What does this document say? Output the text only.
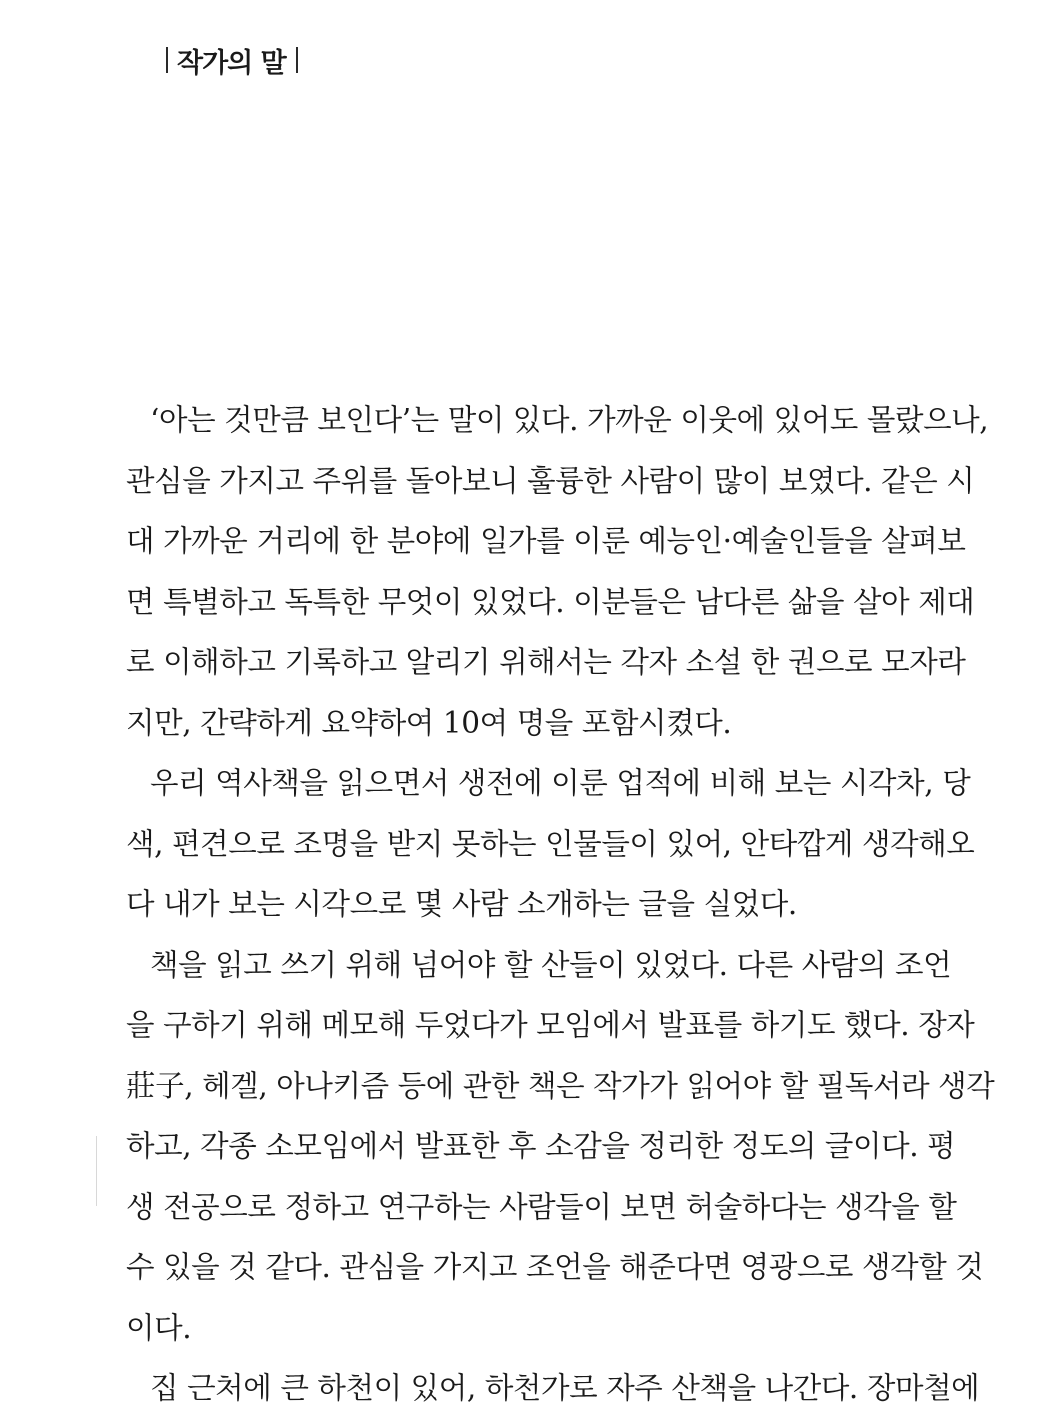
작가의 말
‘아는 것만큼 보인다’는 말이 있다. 가까운 이웃에 있어도 몰랐으나,
관심을 가지고 주위를 돌아보니 훌륭한 사람이 많이 보였다. 같은 시
대 가까운 거리에 한 분야에 일가를 이룬 예능인·예술인들을 살펴보
면 특별하고 독특한 무엇이 있었다. 이분들은 남다른 삶을 살아 제대
로 이해하고 기록하고 알리기 위해서는 각자 소설 한 권으로 모자라
지만, 간략하게 요약하여 10여 명을 포함시켰다.
우리 역사책을 읽으면서 생전에 이룬 업적에 비해 보는 시각차, 당
색, 편견으로 조명을 받지 못하는 인물들이 있어, 안타깝게 생각해오
다 내가 보는 시각으로 몇 사람 소개하는 글을 실었다.
책을 읽고 쓰기 위해 넘어야 할 산들이 있었다. 다른 사람의 조언
을 구하기 위해 메모해 두었다가 모임에서 발표를 하기도 했다. 장자
莊子, 헤겔, 아나키즘 등에 관한 책은 작가가 읽어야 할 필독서라 생각
하고, 각종 소모임에서 발표한 후 소감을 정리한 정도의 글이다. 평
생 전공으로 정하고 연구하는 사람들이 보면 허술하다는 생각을 할
수 있을 것 같다. 관심을 가지고 조언을 해준다면 영광으로 생각할 것
이다.
집 근처에 큰 하천이 있어, 하천가로 자주 산책을 나간다. 장마철에
